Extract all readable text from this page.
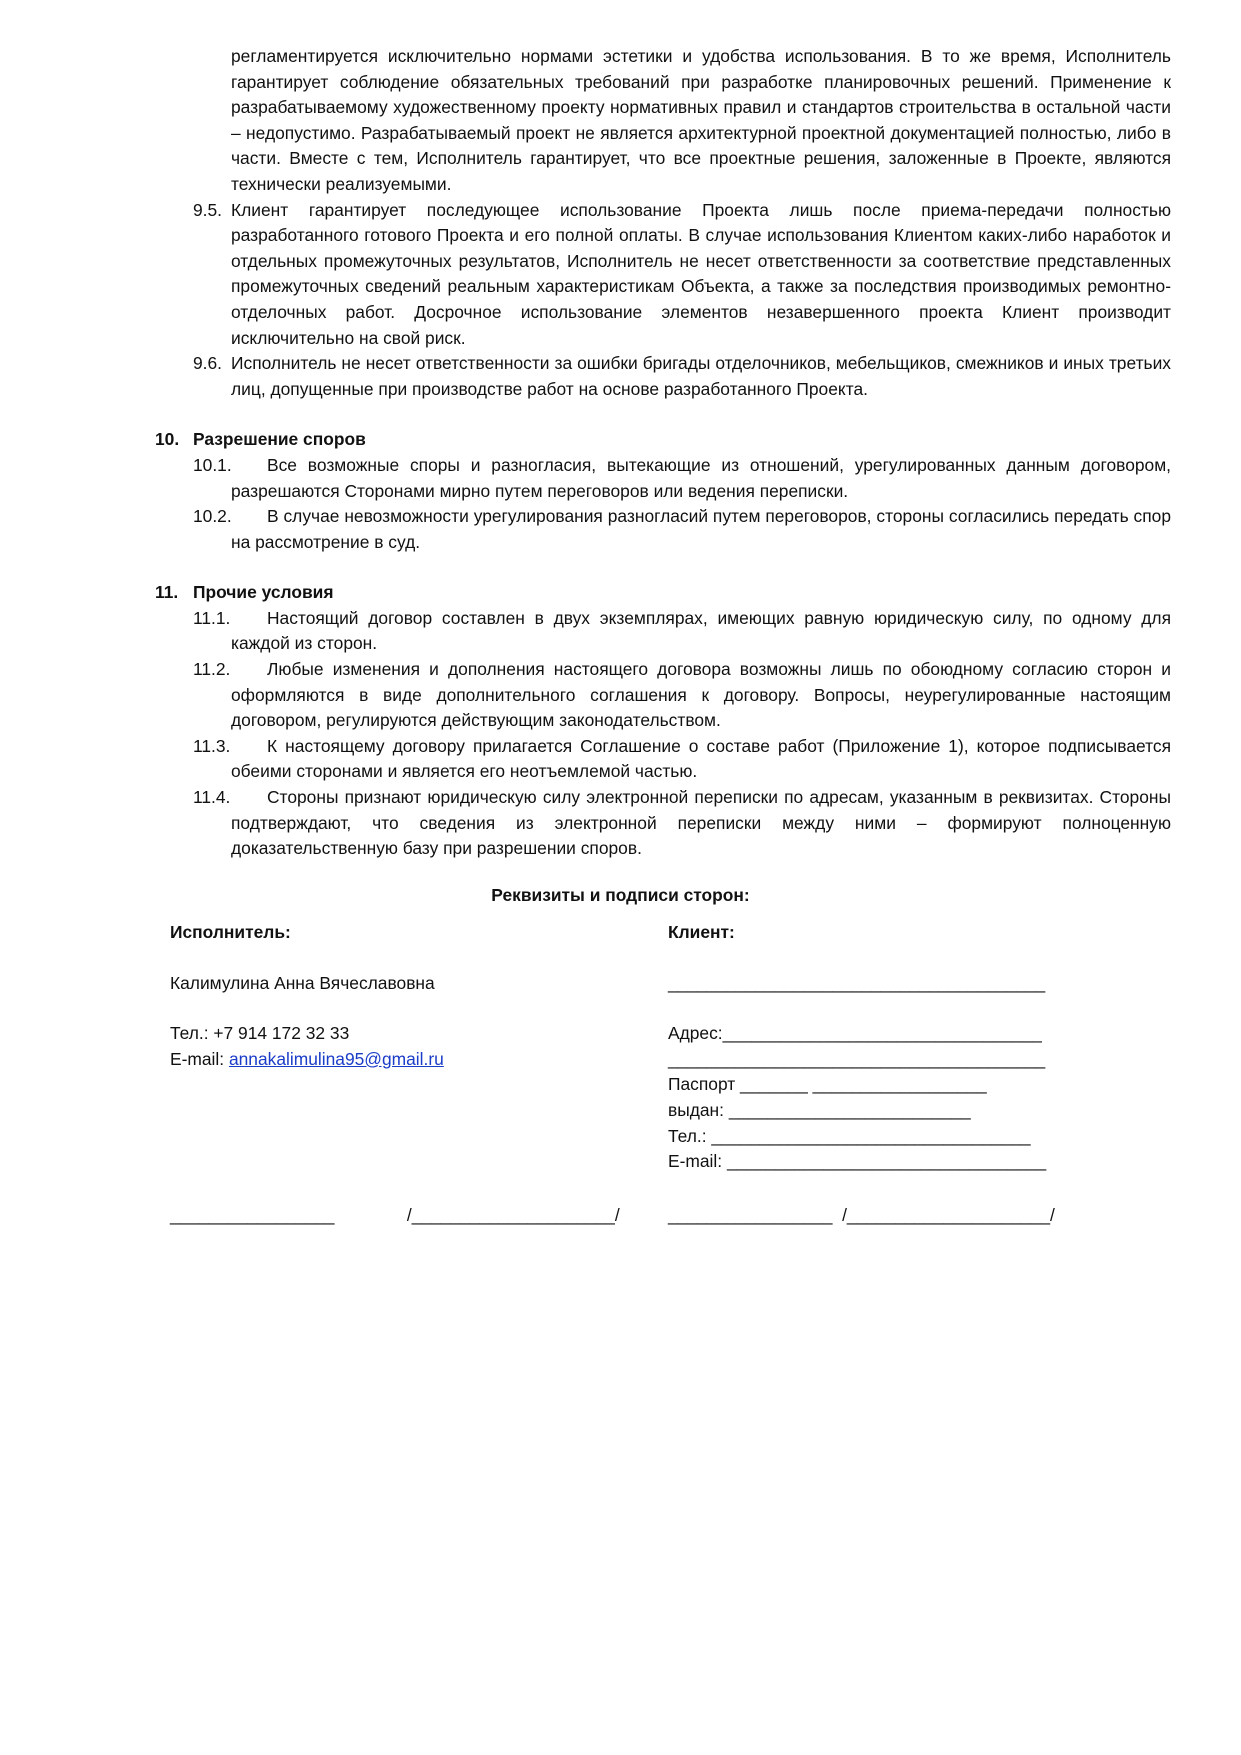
регламентируется исключительно нормами эстетики и удобства использования. В то же время, Исполнитель гарантирует соблюдение обязательных требований при разработке планировочных решений. Применение к разрабатываемому художественному проекту нормативных правил и стандартов строительства в остальной части – недопустимо. Разрабатываемый проект не является архитектурной проектной документацией полностью, либо в части. Вместе с тем, Исполнитель гарантирует, что все проектные решения, заложенные в Проекте, являются технически реализуемыми.
9.5. Клиент гарантирует последующее использование Проекта лишь после приема-передачи полностью разработанного готового Проекта и его полной оплаты. В случае использования Клиентом каких-либо наработок и отдельных промежуточных результатов, Исполнитель не несет ответственности за соответствие представленных промежуточных сведений реальным характеристикам Объекта, а также за последствия производимых ремонтно-отделочных работ. Досрочное использование элементов незавершенного проекта Клиент производит исключительно на свой риск.
9.6. Исполнитель не несет ответственности за ошибки бригады отделочников, мебельщиков, смежников и иных третьих лиц, допущенные при производстве работ на основе разработанного Проекта.
10. Разрешение споров
10.1. Все возможные споры и разногласия, вытекающие из отношений, урегулированных данным договором, разрешаются Сторонами мирно путем переговоров или ведения переписки.
10.2. В случае невозможности урегулирования разногласий путем переговоров, стороны согласились передать спор на рассмотрение в суд.
11. Прочие условия
11.1. Настоящий договор составлен в двух экземплярах, имеющих равную юридическую силу, по одному для каждой из сторон.
11.2. Любые изменения и дополнения настоящего договора возможны лишь по обоюдному согласию сторон и оформляются в виде дополнительного соглашения к договору. Вопросы, неурегулированные настоящим договором, регулируются действующим законодательством.
11.3. К настоящему договору прилагается Соглашение о составе работ (Приложение 1), которое подписывается обеими сторонами и является его неотъемлемой частью.
11.4. Стороны признают юридическую силу электронной переписки по адресам, указанным в реквизитах. Стороны подтверждают, что сведения из электронной переписки между ними – формируют полноценную доказательственную базу при разрешении споров.
Реквизиты и подписи сторон:
Исполнитель:
Калимулина Анна Вячеславовна
Тел.: +7 914 172 32 33
E-mail: annakalimulina95@gmail.ru
Клиент:
_______________________________________
Адрес:_________________________________
_______________________________________
Паспорт _______ __________________
выдан: _________________________
Тел.: _________________________________
E-mail: _________________________________
_________________               /_____________________/	_________________  /_____________________/
